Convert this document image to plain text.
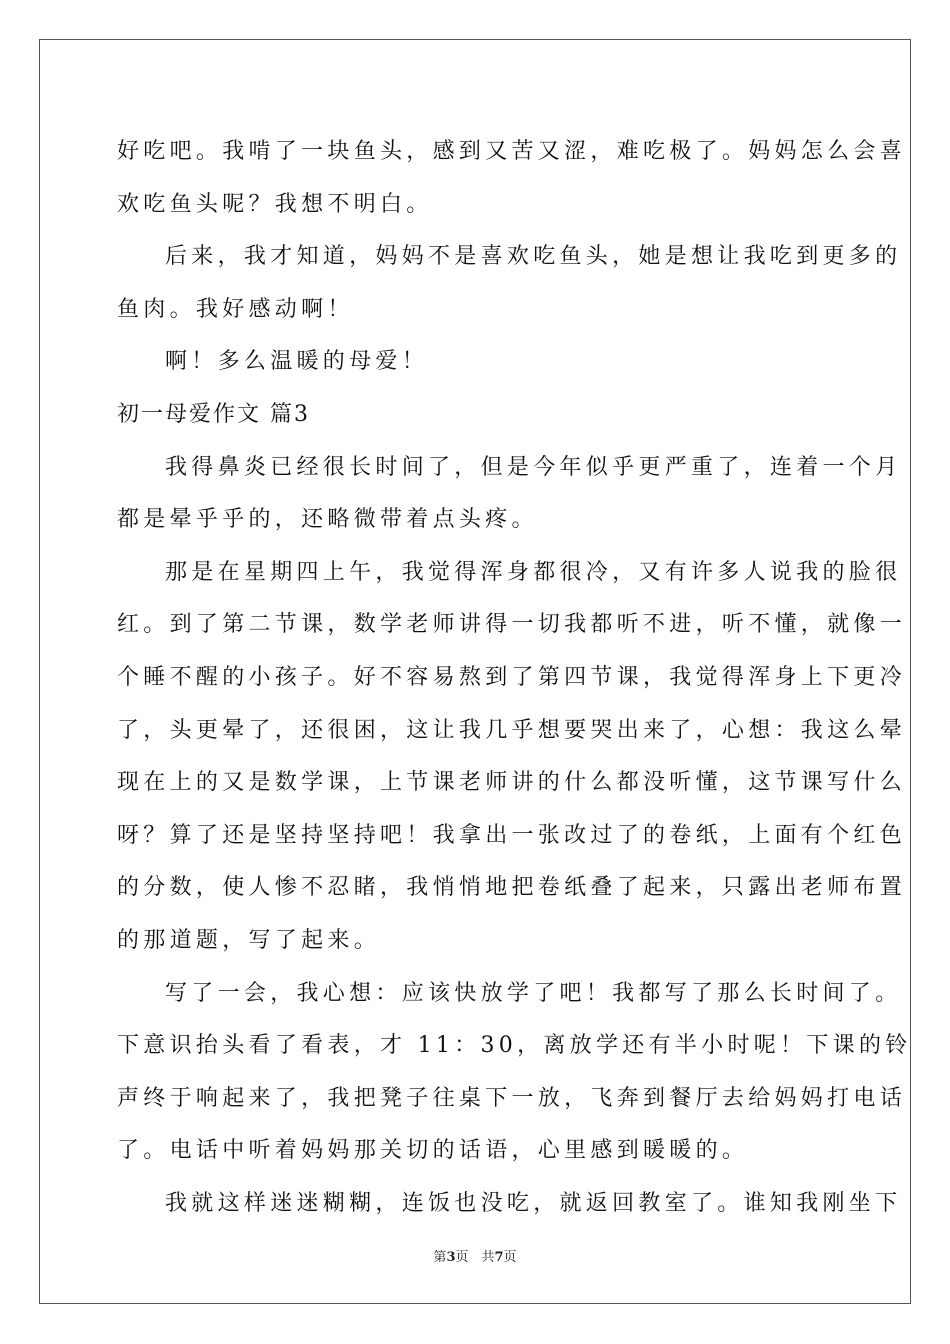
好吃吧。我啃了一块鱼头，感到又苦又涩，难吃极了。妈妈怎么会喜
欢吃鱼头呢？我想不明白。
后来，我才知道，妈妈不是喜欢吃鱼头，她是想让我吃到更多的
鱼肉。我好感动啊！
啊！多么温暖的母爱！
初一母爱作文 篇3
我得鼻炎已经很长时间了，但是今年似乎更严重了，连着一个月
都是晕乎乎的，还略微带着点头疼。
那是在星期四上午，我觉得浑身都很冷，又有许多人说我的脸很
红。到了第二节课，数学老师讲得一切我都听不进，听不懂，就像一
个睡不醒的小孩子。好不容易熬到了第四节课，我觉得浑身上下更冷
了，头更晕了，还很困，这让我几乎想要哭出来了，心想：我这么晕
现在上的又是数学课，上节课老师讲的什么都没听懂，这节课写什么
呀？算了还是坚持坚持吧！我拿出一张改过了的卷纸，上面有个红色
的分数，使人惨不忍睹，我悄悄地把卷纸叠了起来，只露出老师布置
的那道题，写了起来。
写了一会，我心想：应该快放学了吧！我都写了那么长时间了。
下意识抬头看了看表，才 11：30，离放学还有半小时呢！下课的铃
声终于响起来了，我把凳子往桌下一放，飞奔到餐厅去给妈妈打电话
了。电话中听着妈妈那关切的话语，心里感到暖暖的。
我就这样迷迷糊糊，连饭也没吃，就返回教室了。谁知我刚坐下
第3页　共7页
